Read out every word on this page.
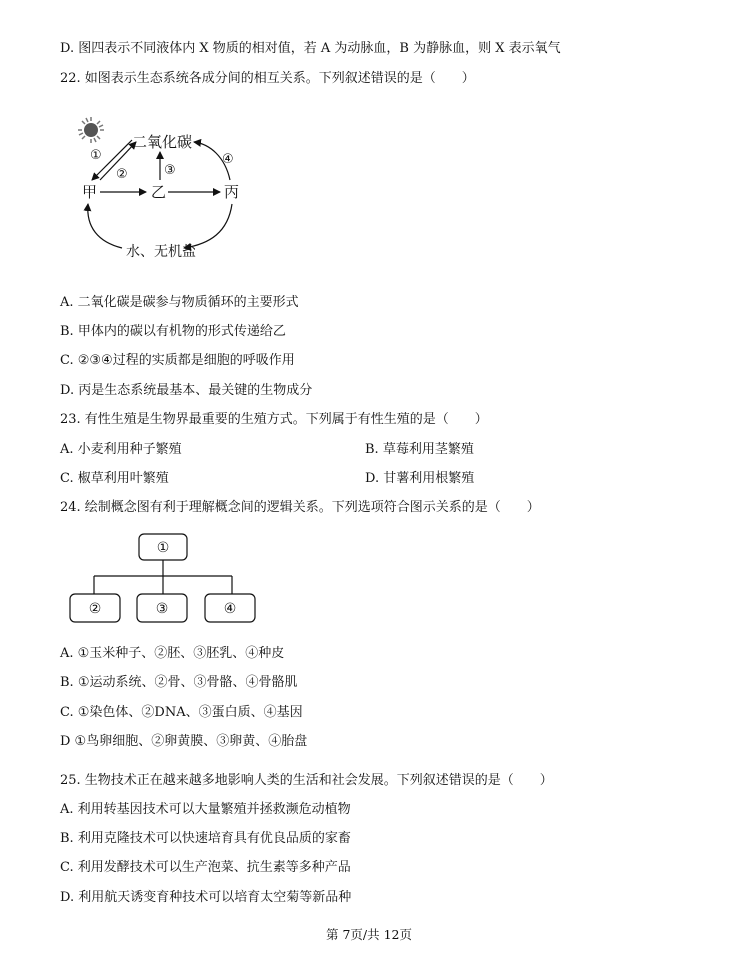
D. 图四表示不同液体内 X 物质的相对值，若 A 为动脉血，B 为静脉血，则 X 表示氧气
22. 如图表示生态系统各成分间的相互关系。下列叙述错误的是（　　）
二氧化碳
甲	乙	丙
水、无机盐
①
②	③
④
A. 二氧化碳是碳参与物质循环的主要形式
B. 甲体内的碳以有机物的形式传递给乙
C. ②③④过程的实质都是细胞的呼吸作用
D. 丙是生态系统最基本、最关键的生物成分
23. 有性生殖是生物界最重要的生殖方式。下列属于有性生殖的是（　　）
A. 小麦利用种子繁殖	B. 草莓利用茎繁殖
C. 椒草利用叶繁殖	D. 甘薯利用根繁殖
24. 绘制概念图有利于理解概念间的逻辑关系。下列选项符合图示关系的是（　　）
①
②	③	④
A. ①玉米种子、②胚、③胚乳、④种皮
B. ①运动系统、②骨、③骨骼、④骨骼肌
C. ①染色体、②DNA、③蛋白质、④基因
D ①鸟卵细胞、②卵黄膜、③卵黄、④胎盘
25. 生物技术正在越来越多地影响人类的生活和社会发展。下列叙述错误的是（　　）
A. 利用转基因技术可以大量繁殖并拯救濒危动植物
B. 利用克隆技术可以快速培育具有优良品质的家畜
C. 利用发酵技术可以生产泡菜、抗生素等多种产品
D. 利用航天诱变育种技术可以培育太空菊等新品种
第 7页/共 12页
